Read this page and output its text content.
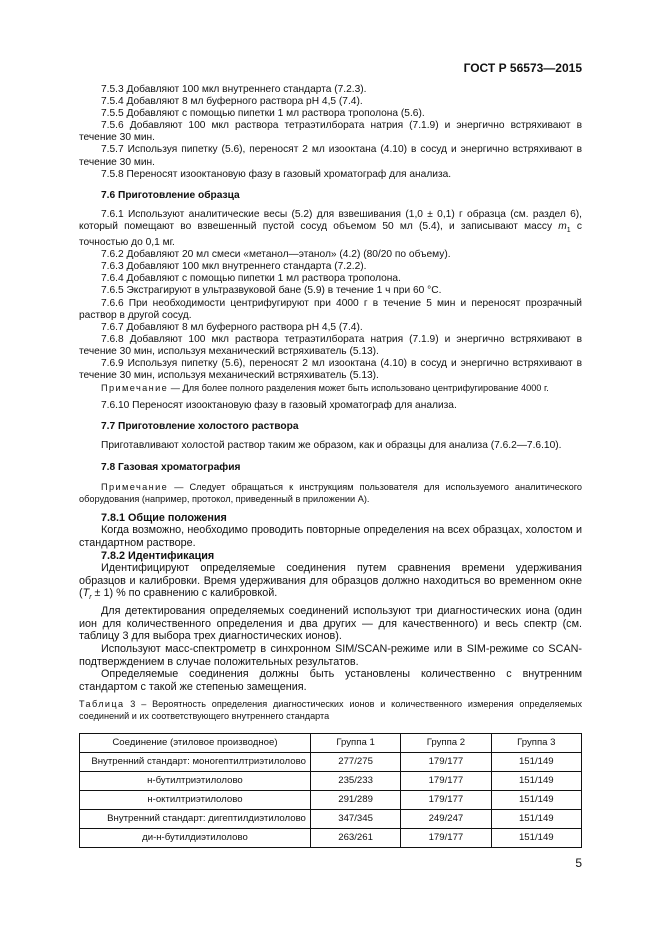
ГОСТ Р 56573—2015

7.5.3 Добавляют 100 мкл внутреннего стандарта (7.2.3).

7.5.4 Добавляют 8 мл буферного раствора pH 4,5 (7.4).

7.5.5 Добавляют с помощью пипетки 1 мл раствора трополона (5.6).

7.5.6 Добавляют 100 мкл раствора тетраэтилбората натрия (7.1.9) и энергично встряхивают в течение 30 мин.

7.5.7 Используя пипетку (5.6), переносят 2 мл изооктана (4.10) в сосуд и энергично встряхивают в течение 30 мин.

7.5.8 Переносят изооктановую фазу в газовый хроматограф для анализа.

7.6 Приготовление образца

7.6.1 Используют аналитические весы (5.2) для взвешивания (1,0 ± 0,1) г образца (см. раздел 6), который помещают во взвешенный пустой сосуд объемом 50 мл (5.4), и записывают массу $m_1$ с точностью до 0,1 мг.

7.6.2 Добавляют 20 мл смеси «метанол—этанол» (4.2) (80/20 по объему).

7.6.3 Добавляют 100 мкл внутреннего стандарта (7.2.2).

7.6.4 Добавляют с помощью пипетки 1 мл раствора трополона.

7.6.5 Экстрагируют в ультразвуковой бане (5.9) в течение 1 ч при 60 °С.

7.6.6 При необходимости центрифугируют при 4000 г в течение 5 мин и переносят прозрачный раствор в другой сосуд.

7.6.7 Добавляют 8 мл буферного раствора pH 4,5 (7.4).

7.6.8 Добавляют 100 мкл раствора тетраэтилбората натрия (7.1.9) и энергично встряхивают в течение 30 мин, используя механический встряхиватель (5.13).

7.6.9 Используя пипетку (5.6), переносят 2 мл изооктана (4.10) в сосуд и энергично встряхивают в течение 30 мин, используя механический встряхиватель (5.13).

Примечание — Для более полного разделения может быть использовано центрифугирование 4000 г.

7.6.10 Переносят изооктановую фазу в газовый хроматограф для анализа.

7.7 Приготовление холостого раствора

Приготавливают холостой раствор таким же образом, как и образцы для анализа (7.6.2—7.6.10).

7.8 Газовая хроматография

Примечание — Следует обращаться к инструкциям пользователя для используемого аналитического оборудования (например, протокол, приведенный в приложении А).

7.8.1 Общие положения

Когда возможно, необходимо проводить повторные определения на всех образцах, холостом и стандартном растворе.

7.8.2 Идентификация

Идентифицируют определяемые соединения путем сравнения времени удерживания образцов и калибровки. Время удерживания для образцов должно находиться во временном окне $(T_r \pm 1)$ % по сравнению с калибровкой.

Для детектирования определяемых соединений используют три диагностических иона (один ион для количественного определения и два других — для качественного) и весь спектр (см. таблицу 3 для выбора трех диагностических ионов).

Используют масс-спектрометр в синхронном SIM/SCAN-режиме или в SIM-режиме со SCAN-подтверждением в случае положительных результатов.

Определяемые соединения должны быть установлены количественно с внутренним стандартом с такой же степенью замещения.

Таблица 3 – Вероятность определения диагностических ионов и количественного измерения определяемых соединений и их соответствующего внутреннего стандарта
Соединение (этиловое производное)	Группа 1	Группа 2	Группа 3
Внутренний стандарт: моногептилтриэтилолово	277/275	179/177	151/149
н-бутилтриэтилолово	235/233	179/177	151/149
н-октилтриэтилолово	291/289	179/177	151/149
Внутренний стандарт: дигептилдиэтилолово	347/345	249/247	151/149
ди-н-бутилдиэтилолово	263/261	179/177	151/149
5
